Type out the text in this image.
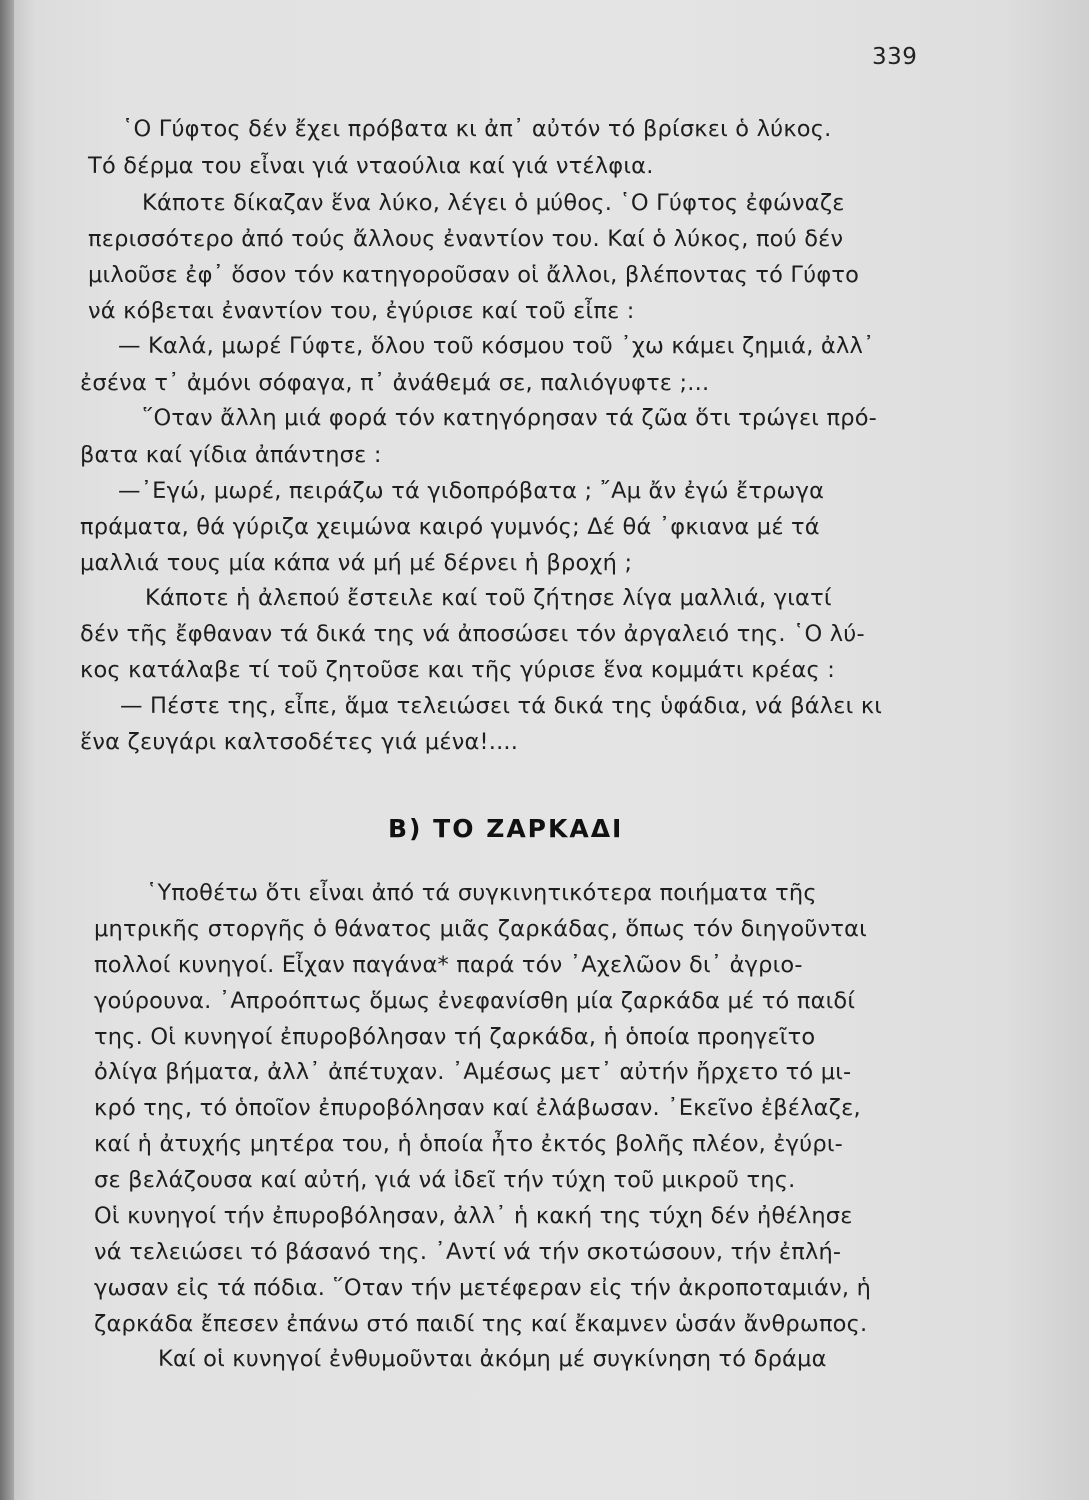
339
῾Ο Γύφτος δέν ἔχει πρόβατα κι ἀπ᾿ αὐτόν τό βρίσκει ὁ λύκος.
Τό δέρμα του εἶναι γιά νταούλια καί γιά ντέλφια.
Κάποτε δίκαζαν ἕνα λύκο, λέγει ὁ μύθος. ῾Ο Γύφτος ἐφώναζε
περισσότερο ἀπό τούς ἄλλους ἐναντίον του. Καί ὁ λύκος, πού δέν
μιλοῦσε ἐφ᾿ ὅσον τόν κατηγοροῦσαν οἱ ἄλλοι, βλέποντας τό Γύφτο
νά κόβεται ἐναντίον του, ἐγύρισε καί τοῦ εἶπε :
— Καλά, μωρέ Γύφτε, ὅλου τοῦ κόσμου τοῦ ᾿χω κάμει ζημιά, ἀλλ᾿
ἐσένα τ᾿ ἀμόνι σόφαγα, π᾿ ἀνάθεμά σε, παλιόγυφτε ;...
῞Οταν ἄλλη μιά φορά τόν κατηγόρησαν τά ζῶα ὅτι τρώγει πρό-
βατα καί γίδια ἀπάντησε :
—᾿Εγώ, μωρέ, πειράζω τά γιδοπρόβατα ; ῎Αμ ἄν ἐγώ ἔτρωγα
πράματα, θά γύριζα χειμώνα καιρό γυμνός; Δέ θά ᾿φκιανα μέ τά
μαλλιά τους μία κάπα νά μή μέ δέρνει ἡ βροχή ;
Κάποτε ἡ ἀλεπού ἔστειλε καί τοῦ ζήτησε λίγα μαλλιά, γιατί
δέν τῆς ἔφθαναν τά δικά της νά ἀποσώσει τόν ἀργαλειό της. ῾Ο λύ-
κος κατάλαβε τί τοῦ ζητοῦσε και τῆς γύρισε ἕνα κομμάτι κρέας :
— Πέστε της, εἶπε, ἅμα τελειώσει τά δικά της ὑφάδια, νά βάλει κι
ἕνα ζευγάρι καλτσοδέτες γιά μένα!....
Β) ΤΟ ΖΑΡΚΑΔΙ
῾Υποθέτω ὅτι εἶναι ἀπό τά συγκινητικότερα ποιήματα τῆς
μητρικῆς στοργῆς ὁ θάνατος μιᾶς ζαρκάδας, ὅπως τόν διηγοῦνται
πολλοί κυνηγοί. Εἶχαν παγάνα* παρά τόν ᾿Αχελῶον δι᾿ ἀγριο-
γούρουνα. ᾿Απροόπτως ὅμως ἐνεφανίσθη μία ζαρκάδα μέ τό παιδί
της. Οἱ κυνηγοί ἐπυροβόλησαν τή ζαρκάδα, ἡ ὁποία προηγεῖτο
ὀλίγα βήματα, ἀλλ᾿ ἀπέτυχαν. ᾿Αμέσως μετ᾿ αὐτήν ἤρχετο τό μι-
κρό της, τό ὁποῖον ἐπυροβόλησαν καί ἐλάβωσαν. ᾿Εκεῖνο ἐβέλαζε,
καί ἡ ἀτυχής μητέρα του, ἡ ὁποία ἦτο ἐκτός βολῆς πλέον, ἐγύρι-
σε βελάζουσα καί αὐτή, γιά νά ἰδεῖ τήν τύχη τοῦ μικροῦ της.
Οἱ κυνηγοί τήν ἐπυροβόλησαν, ἀλλ᾿ ἡ κακή της τύχη δέν ἠθέλησε
νά τελειώσει τό βάσανό της. ᾿Αντί νά τήν σκοτώσουν, τήν ἐπλή-
γωσαν εἰς τά πόδια. ῞Οταν τήν μετέφεραν εἰς τήν ἀκροποταμιάν, ἡ
ζαρκάδα ἔπεσεν ἐπάνω στό παιδί της καί ἔκαμνεν ὡσάν ἄνθρωπος.
Καί οἱ κυνηγοί ἐνθυμοῦνται ἀκόμη μέ συγκίνηση τό δράμα
